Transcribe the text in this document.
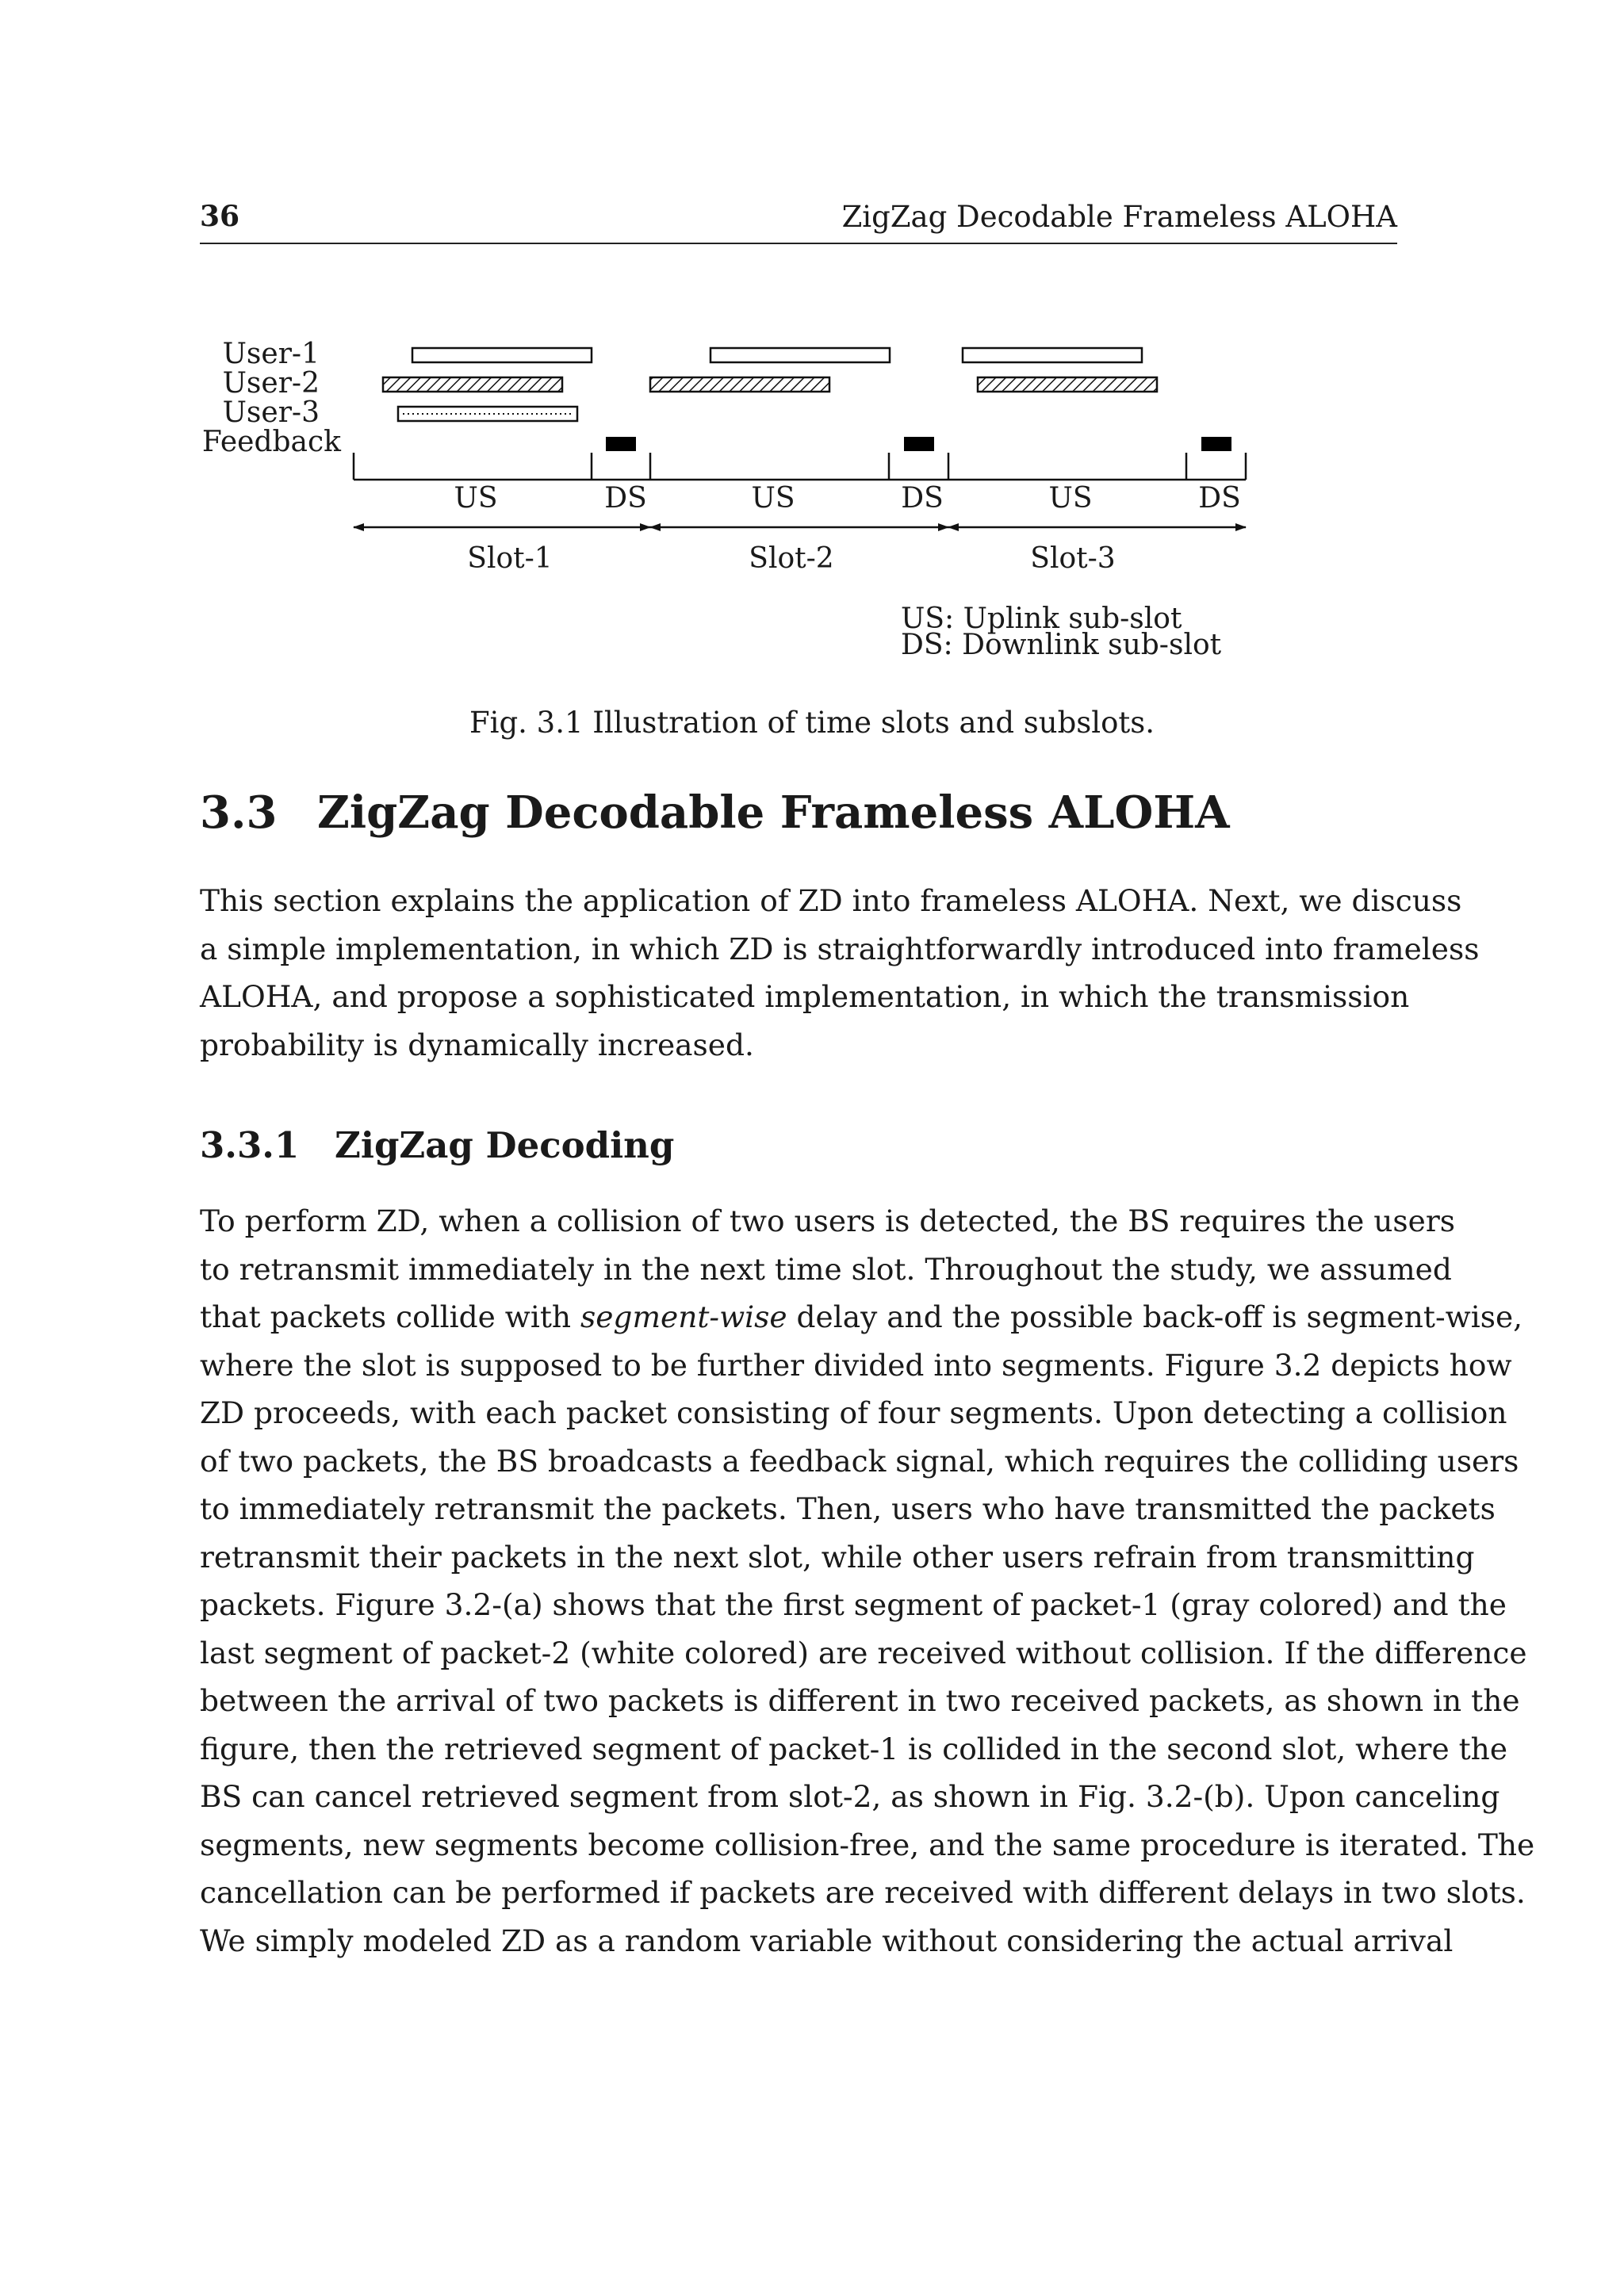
36	ZigZag Decodable Frameless ALOHA
User-1
User-2
User-3
Feedback
US	DS	US	DS	US	DS
Slot-1	Slot-2	Slot-3
US: Uplink sub-slot
DS: Downlink sub-slot
Fig. 3.1 Illustration of time slots and subslots.
3.3 ZigZag Decodable Frameless ALOHA
This section explains the application of ZD into frameless ALOHA. Next, we discuss
a simple implementation, in which ZD is straightforwardly introduced into frameless
ALOHA, and propose a sophisticated implementation, in which the transmission
probability is dynamically increased.
3.3.1 ZigZag Decoding
To perform ZD, when a collision of two users is detected, the BS requires the users
to retransmit immediately in the next time slot. Throughout the study, we assumed
that packets collide with segment-wise delay and the possible back-off is segment-wise,
where the slot is supposed to be further divided into segments. Figure 3.2 depicts how
ZD proceeds, with each packet consisting of four segments. Upon detecting a collision
of two packets, the BS broadcasts a feedback signal, which requires the colliding users
to immediately retransmit the packets. Then, users who have transmitted the packets
retransmit their packets in the next slot, while other users refrain from transmitting
packets. Figure 3.2-(a) shows that the first segment of packet-1 (gray colored) and the
last segment of packet-2 (white colored) are received without collision. If the difference
between the arrival of two packets is different in two received packets, as shown in the
figure, then the retrieved segment of packet-1 is collided in the second slot, where the
BS can cancel retrieved segment from slot-2, as shown in Fig. 3.2-(b). Upon canceling
segments, new segments become collision-free, and the same procedure is iterated. The
cancellation can be performed if packets are received with different delays in two slots.
We simply modeled ZD as a random variable without considering the actual arrival
